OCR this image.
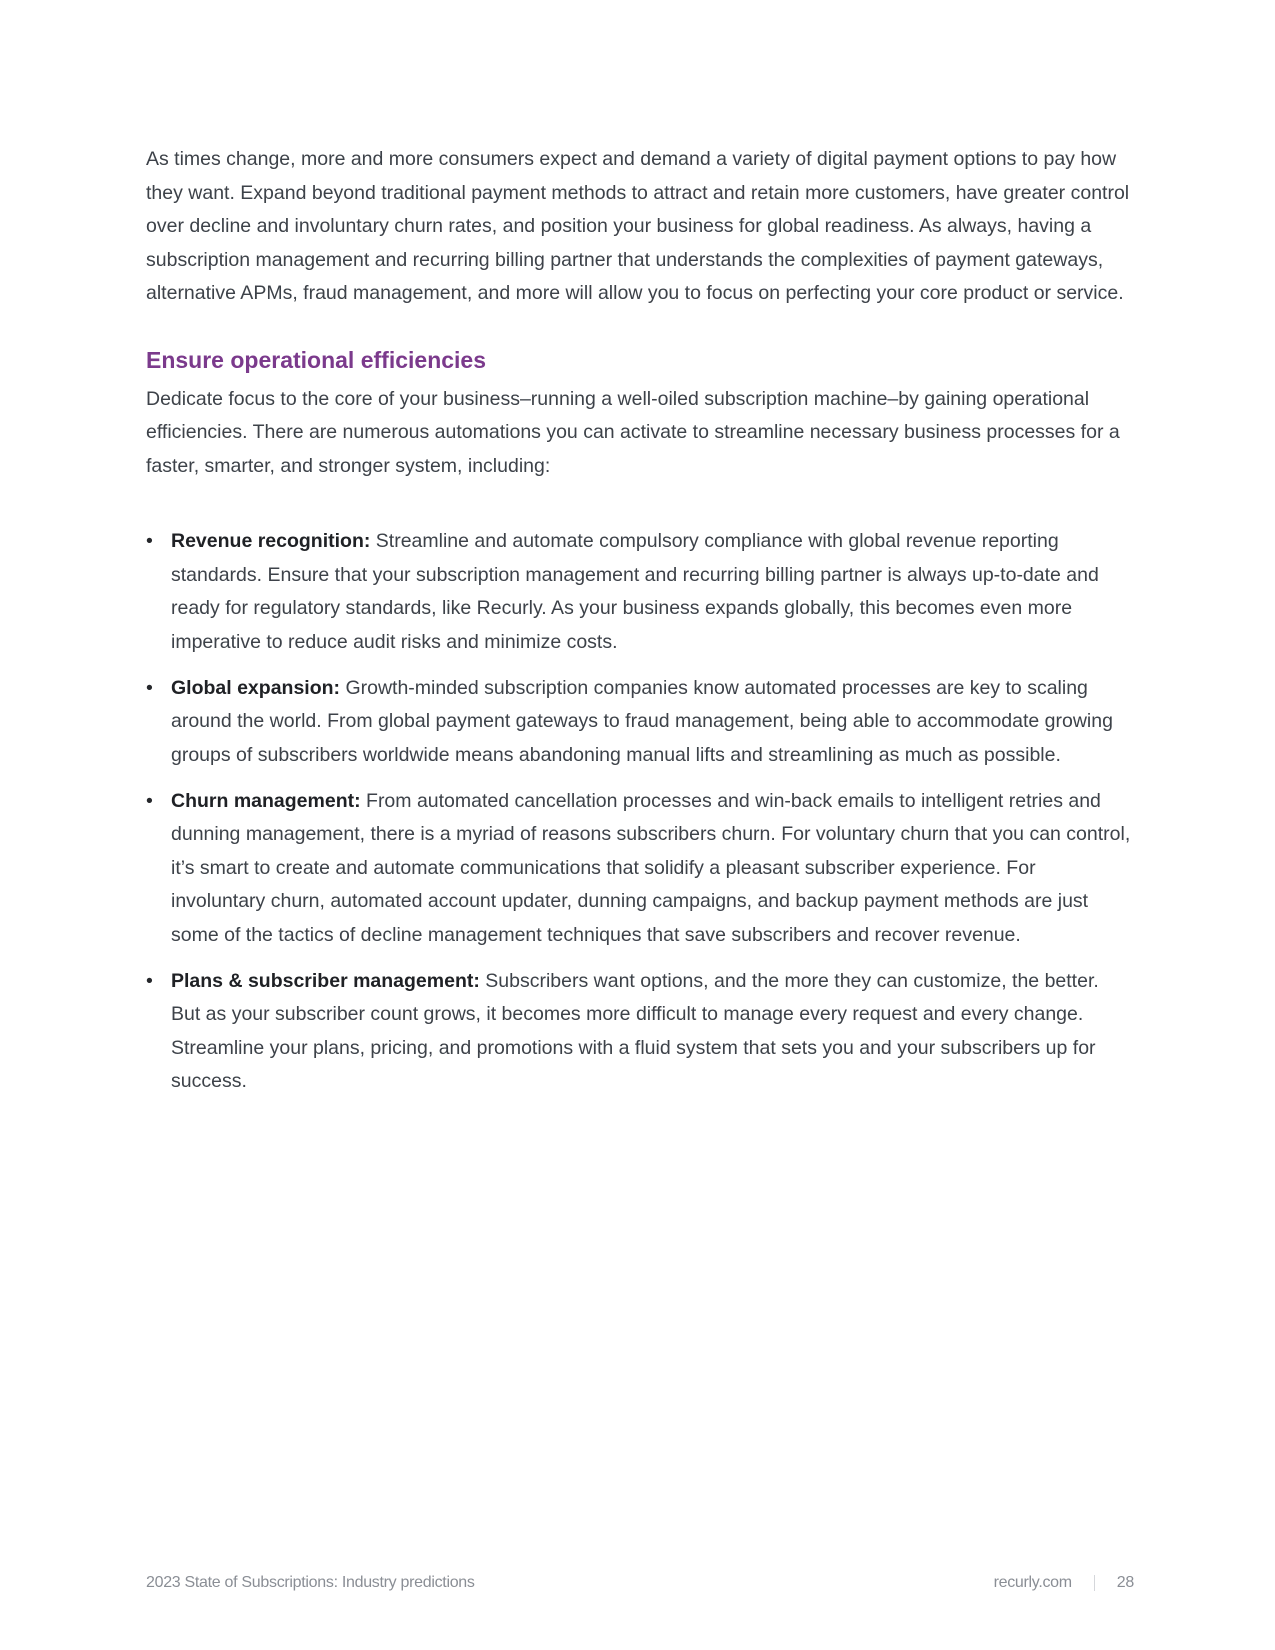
As times change, more and more consumers expect and demand a variety of digital payment options to pay how they want. Expand beyond traditional payment methods to attract and retain more customers, have greater control over decline and involuntary churn rates, and position your business for global readiness. As always, having a subscription management and recurring billing partner that understands the complexities of payment gateways, alternative APMs, fraud management, and more will allow you to focus on perfecting your core product or service.

Ensure operational efficiencies

Dedicate focus to the core of your business–running a well-oiled subscription machine–by gaining operational efficiencies. There are numerous automations you can activate to streamline necessary business processes for a faster, smarter, and stronger system, including:

• Revenue recognition: Streamline and automate compulsory compliance with global revenue reporting standards. Ensure that your subscription management and recurring billing partner is always up-to-date and ready for regulatory standards, like Recurly. As your business expands globally, this becomes even more imperative to reduce audit risks and minimize costs.
• Global expansion: Growth-minded subscription companies know automated processes are key to scaling around the world. From global payment gateways to fraud management, being able to accommodate growing groups of subscribers worldwide means abandoning manual lifts and streamlining as much as possible.
• Churn management: From automated cancellation processes and win-back emails to intelligent retries and dunning management, there is a myriad of reasons subscribers churn. For voluntary churn that you can control, it’s smart to create and automate communications that solidify a pleasant subscriber experience. For involuntary churn, automated account updater, dunning campaigns, and backup payment methods are just some of the tactics of decline management techniques that save subscribers and recover revenue.
• Plans & subscriber management: Subscribers want options, and the more they can customize, the better. But as your subscriber count grows, it becomes more difficult to manage every request and every change. Streamline your plans, pricing, and promotions with a fluid system that sets you and your subscribers up for success.
2023 State of Subscriptions: Industry predictions	recurly.com	28
